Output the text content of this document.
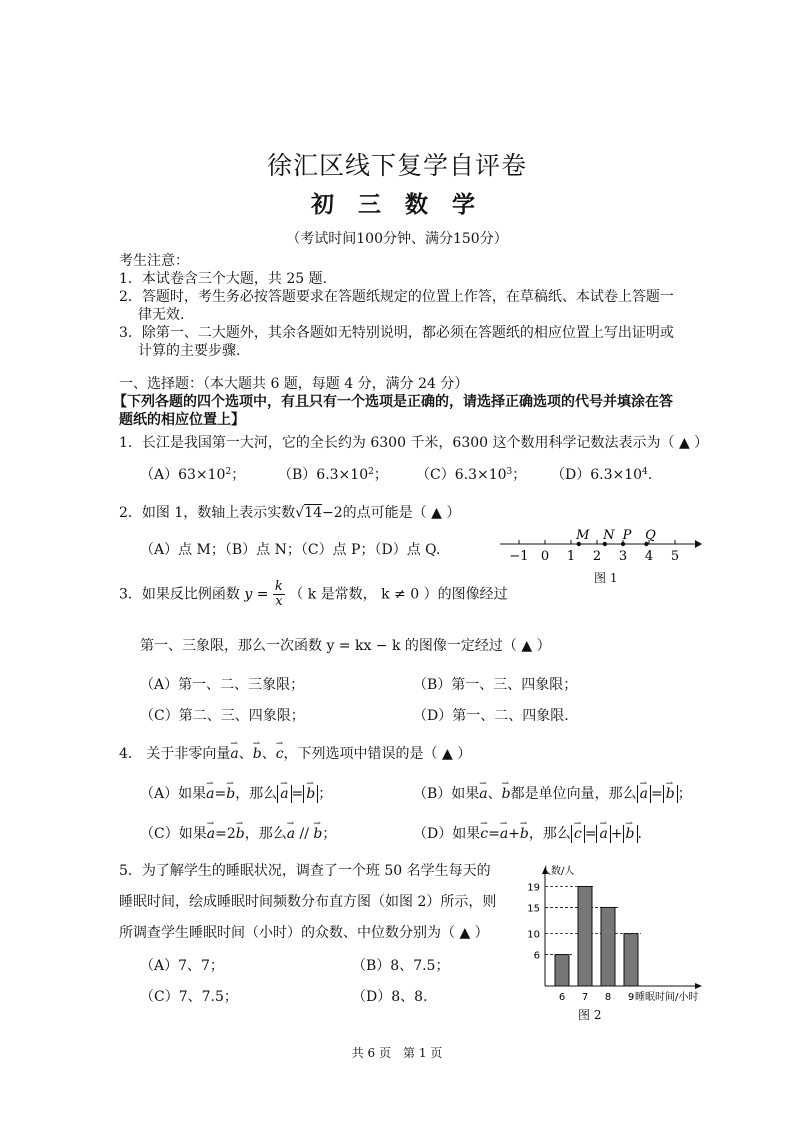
徐汇区线下复学自评卷
初 三 数 学
（考试时间100分钟、满分150分）
考生注意：
1．本试卷含三个大题，共 25 题.
2．答题时，考生务必按答题要求在答题纸规定的位置上作答，在草稿纸、本试卷上答题一
律无效.
3．除第一、二大题外，其余各题如无特别说明，都必须在答题纸的相应位置上写出证明或
计算的主要步骤.
一、选择题：（本大题共 6 题，每题 4 分，满分 24 分）
【下列各题的四个选项中，有且只有一个选项是正确的，请选择正确选项的代号并填涂在答
题纸的相应位置上】
1．长江是我国第一大河，它的全长约为 6300 千米，6300 这个数用科学记数法表示为（ ▲ ）
$(A)63\times 10^2$； $(B)6.3\times 10^2$； $(C)6.3\times 10^3$； $(D)6.3\times 10^4$.
2．如图 1，数轴上表示实数√14−2的点可能是（ ▲ ）
（A）点 M；（B）点 N；（C）点 P；（D）点 Q.	−1 0 1 2 3 4 5
M N P Q
图 1
3．如果反比例函数 $y = \frac{k}{x}$ （ k 是常数， k ≠ 0 ）的图像经过
第一、三象限，那么一次函数 y = kx − k 的图像一定经过（ ▲ ）
（A）第一、二、三象限；	（B）第一、三、四象限；
（C）第二、三、四象限；	（D）第一、二、四象限.
4.　关于非零向量⇀ a、⇀ b、⇀ c，下列选项中错误的是（ ▲ ）
（A）如果⇀ a=⇀ b，那么 ⇀ a = ⇀ b ；	（B）如果⇀ a、⇀ b都是单位向量，那么 ⇀ a = ⇀ b ；
（C）如果⇀ a=2⇀ b，那么⇀ a // ⇀ b；	（D）如果⇀ c=⇀ a+⇀ b，那么 ⇀ c = ⇀ a + ⇀ b .
5．为了解学生的睡眠状况，调查了一个班 50 名学生每天的
睡眠时间，绘成睡眠时间频数分布直方图（如图 2）所示，则
所调查学生睡眠时间（小时）的众数、中位数分别为（ ▲ ）
（A）7、7；	（B）8、7.5；
（C）7、7.5；	（D）8、8.
人数/人
6
10
15
19
6 7 8 9 睡眠时间/小时
图 2
共 6 页　第 1 页
